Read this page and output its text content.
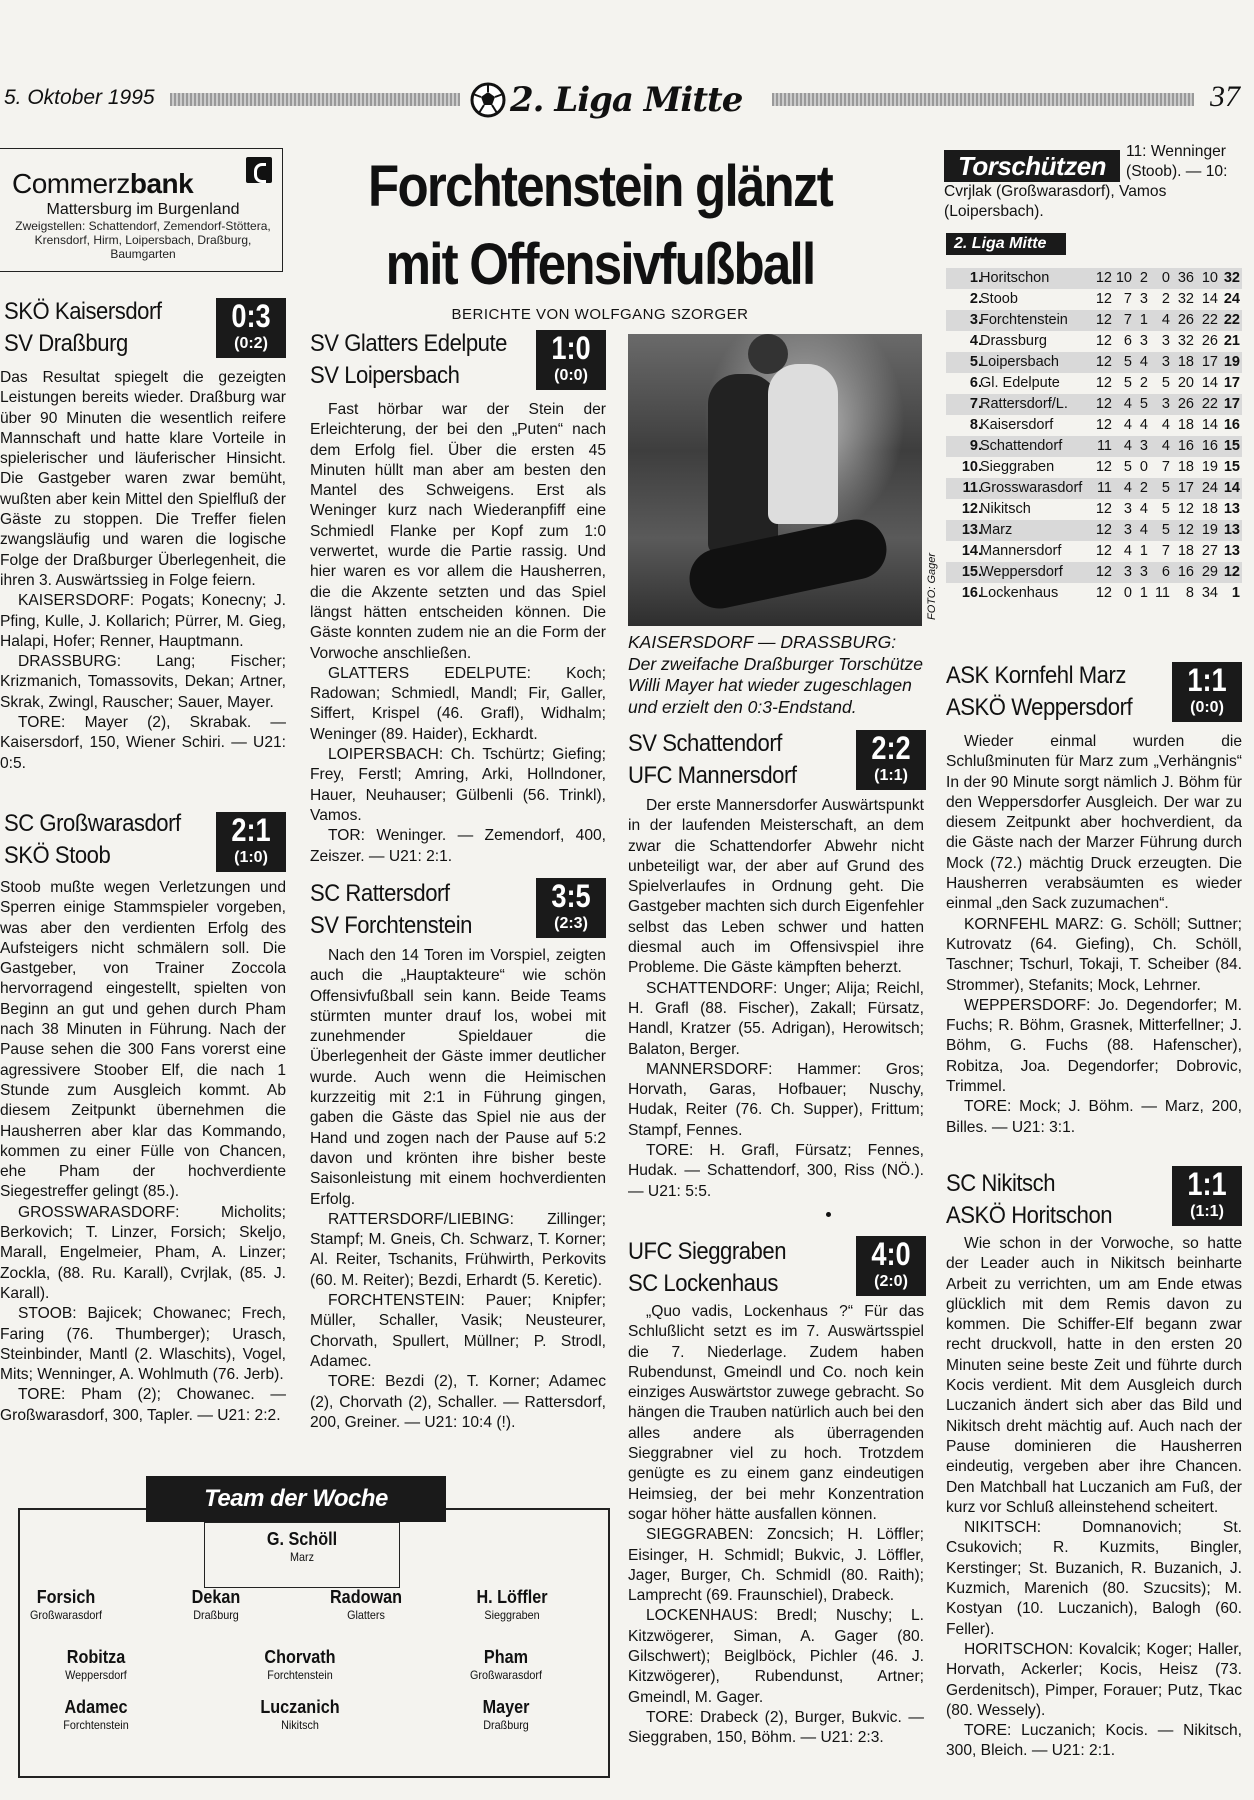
5. Oktober 1995	2. Liga Mitte	37
Commerzbank
Mattersburg im Burgenland
Zweigstellen: Schattendorf, Zemendorf-Stöttera, Krensdorf, Hirm, Loipersbach, Draßburg, Baumgarten
Forchtenstein glänzt
mit Offensivfußball
BERICHTE VON WOLFGANG SZORGER
SKÖ Kaisersdorf
SV Draßburg
0:3
(0:2)

Das Resultat spiegelt die gezeigten Leistungen bereits wieder. Draßburg war über 90 Minuten die wesentlich reifere Mannschaft und hatte klare Vorteile in spielerischer und läuferischer Hinsicht. Die Gastgeber waren zwar bemüht, wußten aber kein Mittel den Spielfluß der Gäste zu stoppen. Die Treffer fielen zwangsläufig und waren die logische Folge der Draßburger Überlegenheit, die ihren 3. Auswärtssieg in Folge feiern.

KAISERSDORF: Pogats; Konecny; J. Pfing, Kulle, J. Kollarich; Pürrer, M. Gieg, Halapi, Hofer; Renner, Hauptmann.

DRASSBURG: Lang; Fischer; Krizmanich, Tomassovits, Dekan; Artner, Skrak, Zwingl, Rauscher; Sauer, Mayer.

TORE: Mayer (2), Skrabak. — Kaisersdorf, 150, Wiener Schiri. — U21: 0:5.

SC Großwarasdorf
SKÖ Stoob
2:1
(1:0)

Stoob mußte wegen Verletzungen und Sperren einige Stammspieler vorgeben, was aber den verdienten Erfolg des Aufsteigers nicht schmälern soll. Die Gastgeber, von Trainer Zoccola hervorragend eingestellt, spielten von Beginn an gut und gehen durch Pham nach 38 Minuten in Führung. Nach der Pause sehen die 300 Fans vorerst eine agressivere Stoober Elf, die nach 1 Stunde zum Ausgleich kommt. Ab diesem Zeitpunkt übernehmen die Hausherren aber klar das Kommando, kommen zu einer Fülle von Chancen, ehe Pham der hochverdiente Siegestreffer gelingt (85.).

GROSSWARASDORF: Micholits; Berkovich; T. Linzer, Forsich; Skeljo, Marall, Engelmeier, Pham, A. Linzer; Zockla, (88. Ru. Karall), Cvrjlak, (85. J. Karall).

STOOB: Bajicek; Chowanec; Frech, Faring (76. Thumberger); Urasch, Steinbinder, Mantl (2. Wlaschits), Vogel, Mits; Wenninger, A. Wohlmuth (76. Jerb).

TORE: Pham (2); Chowanec. — Großwarasdorf, 300, Tapler. — U21: 2:2.

SV Glatters Edelpute
SV Loipersbach
1:0
(0:0)

Fast hörbar war der Stein der Erleichterung, der bei den „Puten“ nach dem Erfolg fiel. Über die ersten 45 Minuten hüllt man aber am besten den Mantel des Schweigens. Erst als Weninger kurz nach Wiederanpfiff eine Schmiedl Flanke per Kopf zum 1:0 verwertet, wurde die Partie rassig. Und hier waren es vor allem die Hausherren, die die Akzente setzten und das Spiel längst hätten entscheiden können. Die Gäste konnten zudem nie an die Form der Vorwoche anschließen.

GLATTERS EDELPUTE: Koch; Radowan; Schmiedl, Mandl; Fir, Galler, Siffert, Krispel (46. Grafl), Widhalm; Weninger (89. Haider), Eckhardt.

LOIPERSBACH: Ch. Tschürtz; Giefing; Frey, Ferstl; Amring, Arki, Hollndoner, Hauer, Neuhauser; Gülbenli (56. Trinkl), Vamos.

TOR: Weninger. — Zemendorf, 400, Zeiszer. — U21: 2:1.

SC Rattersdorf
SV Forchtenstein
3:5
(2:3)

Nach den 14 Toren im Vorspiel, zeigten auch die „Hauptakteure“ wie schön Offensivfußball sein kann. Beide Teams stürmten munter drauf los, wobei mit zunehmender Spieldauer die Überlegenheit der Gäste immer deutlicher wurde. Auch wenn die Heimischen kurzzeitig mit 2:1 in Führung gingen, gaben die Gäste das Spiel nie aus der Hand und zogen nach der Pause auf 5:2 davon und krönten ihre bisher beste Saisonleistung mit einem hochverdienten Erfolg.

RATTERSDORF/LIEBING: Zillinger; Stampf; M. Gneis, Ch. Schwarz, T. Korner; Al. Reiter, Tschanits, Frühwirth, Perkovits (60. M. Reiter); Bezdi, Erhardt (5. Keretic).

FORCHTENSTEIN: Pauer; Knipfer; Müller, Schaller, Vasik; Neusteurer, Chorvath, Spullert, Müllner; P. Strodl, Adamec.

TORE: Bezdi (2), T. Korner; Adamec (2), Chorvath (2), Schaller. — Rattersdorf, 200, Greiner. — U21: 10:4 (!).

FOTO: Gager
KAISERSDORF — DRASSBURG: Der zweifache Draßburger Torschütze Willi Mayer hat wieder zugeschlagen und erzielt den 0:3-Endstand.
SV Schattendorf
UFC Mannersdorf
2:2
(1:1)

Der erste Mannersdorfer Auswärtspunkt in der laufenden Meisterschaft, an dem zwar die Schattendorfer Abwehr nicht unbeteiligt war, der aber auf Grund des Spielverlaufes in Ordnung geht. Die Gastgeber machten sich durch Eigenfehler selbst das Leben schwer und hatten diesmal auch im Offensivspiel ihre Probleme. Die Gäste kämpften beherzt.

SCHATTENDORF: Unger; Alija; Reichl, H. Grafl (88. Fischer), Zakall; Fürsatz, Handl, Kratzer (55. Adrigan), Herowitsch; Balaton, Berger.

MANNERSDORF: Hammer: Gros; Horvath, Garas, Hofbauer; Nuschy, Hudak, Reiter (76. Ch. Supper), Frittum; Stampf, Fennes.

TORE: H. Grafl, Fürsatz; Fennes, Hudak. — Schattendorf, 300, Riss (NÖ.). — U21: 5:5.

UFC Sieggraben
SC Lockenhaus
4:0
(2:0)

„Quo vadis, Lockenhaus ?“ Für das Schlußlicht setzt es im 7. Auswärtsspiel die 7. Niederlage. Zudem haben Rubendunst, Gmeindl und Co. noch kein einziges Auswärtstor zuwege gebracht. So hängen die Trauben natürlich auch bei den alles andere als überragenden Sieggrabner viel zu hoch. Trotzdem genügte es zu einem ganz eindeutigen Heimsieg, der bei mehr Konzentration sogar höher hätte ausfallen können.

SIEGGRABEN: Zoncsich; H. Löffler; Eisinger, H. Schmidl; Bukvic, J. Löffler, Jager, Burger, Ch. Schmidl (80. Raith); Lamprecht (69. Fraunschiel), Drabeck.

LOCKENHAUS: Bredl; Nuschy; L. Kitzwögerer, Siman, A. Gager (80. Gilschwert); Beiglböck, Pichler (46. J. Kitzwögerer), Rubendunst, Artner; Gmeindl, M. Gager.

TORE: Drabeck (2), Burger, Bukvic. — Sieggraben, 150, Böhm. — U21: 2:3.

11: Wenninger (Stoob). — 10: Cvrjlak (Großwarasdorf), Vamos (Loipersbach).
Torschützen
2. Liga Mitte
1.
Horitschon	12 10 2 0 36 10 32
2.
Stoob	12 7 3 2 32 14 24
3.
Forchtenstein	12 7 1 4 26 22 22
4.
Drassburg	12 6 3 3 32 26 21
5.
Loipersbach	12 5 4 3 18 17 19
6.
Gl. Edelpute	12 5 2 5 20 14 17
7.
Rattersdorf/L.	12 4 5 3 26 22 17
8.
Kaisersdorf	12 4 4 4 18 14 16
9.
Schattendorf	11 4 3 4 16 16 15
10.
Sieggraben	12 5 0 7 18 19 15
11.
Grosswarasdorf	11 4 2 5 17 24 14
12.
Nikitsch	12 3 4 5 12 18 13
13.
Marz	12 3 4 5 12 19 13
14.
Mannersdorf	12 4 1 7 18 27 13
15.
Weppersdorf	12 3 3 6 16 29 12
16.
Lockenhaus	12 0 1 11	8 34 1
ASK Kornfehl Marz
ASKÖ Weppersdorf
1:1
(0:0)

Wieder einmal wurden die Schlußminuten für Marz zum „Verhängnis“ In der 90 Minute sorgt nämlich J. Böhm für den Weppersdorfer Ausgleich. Der war zu diesem Zeitpunkt aber hochverdient, da die Gäste nach der Marzer Führung durch Mock (72.) mächtig Druck erzeugten. Die Hausherren verabsäumten es wieder einmal „den Sack zuzumachen“.

KORNFEHL MARZ: G. Schöll; Suttner; Kutrovatz (64. Giefing), Ch. Schöll, Taschner; Tschurl, Tokaji, T. Scheiber (84. Strommer), Stefanits; Mock, Lehrner.

WEPPERSDORF: Jo. Degendorfer; M. Fuchs; R. Böhm, Grasnek, Mitterfellner; J. Böhm, G. Fuchs (88. Hafenscher), Robitza, Joa. Degendorfer; Dobrovic, Trimmel.

TORE: Mock; J. Böhm. — Marz, 200, Billes. — U21: 3:1.

SC Nikitsch
ASKÖ Horitschon
1:1
(1:1)

Wie schon in der Vorwoche, so hatte der Leader auch in Nikitsch beinharte Arbeit zu verrichten, um am Ende etwas glücklich mit dem Remis davon zu kommen. Die Schiffer-Elf begann zwar recht druckvoll, hatte in den ersten 20 Minuten seine beste Zeit und führte durch Kocis verdient. Mit dem Ausgleich durch Luczanich ändert sich aber das Bild und Nikitsch dreht mächtig auf. Auch nach der Pause dominieren die Hausherren eindeutig, vergeben aber ihre Chancen. Den Matchball hat Luczanich am Fuß, der kurz vor Schluß alleinstehend scheitert.

NIKITSCH: Domnanovich; St. Csukovich; R. Kuzmits, Bingler, Kerstinger; St. Buzanich, R. Buzanich, J. Kuzmich, Marenich (80. Szucsits); M. Kostyan (10. Luczanich), Balogh (60. Feller).

HORITSCHON: Kovalcik; Koger; Haller, Horvath, Ackerler; Kocis, Heisz (73. Gerdenitsch), Pimper, Forauer; Putz, Tkac (80. Wessely).

TORE: Luczanich; Kocis. — Nikitsch, 300, Bleich. — U21: 2:1.

Team der Woche
G. Schöll
Marz
Forsich
Großwarasdorf
Dekan
Draßburg
Radowan
Glatters
H. Löffler
Sieggraben
Robitza
Weppersdorf
Chorvath
Forchtenstein
Pham
Großwarasdorf
Adamec
Forchtenstein
Luczanich
Nikitsch
Mayer
Draßburg
